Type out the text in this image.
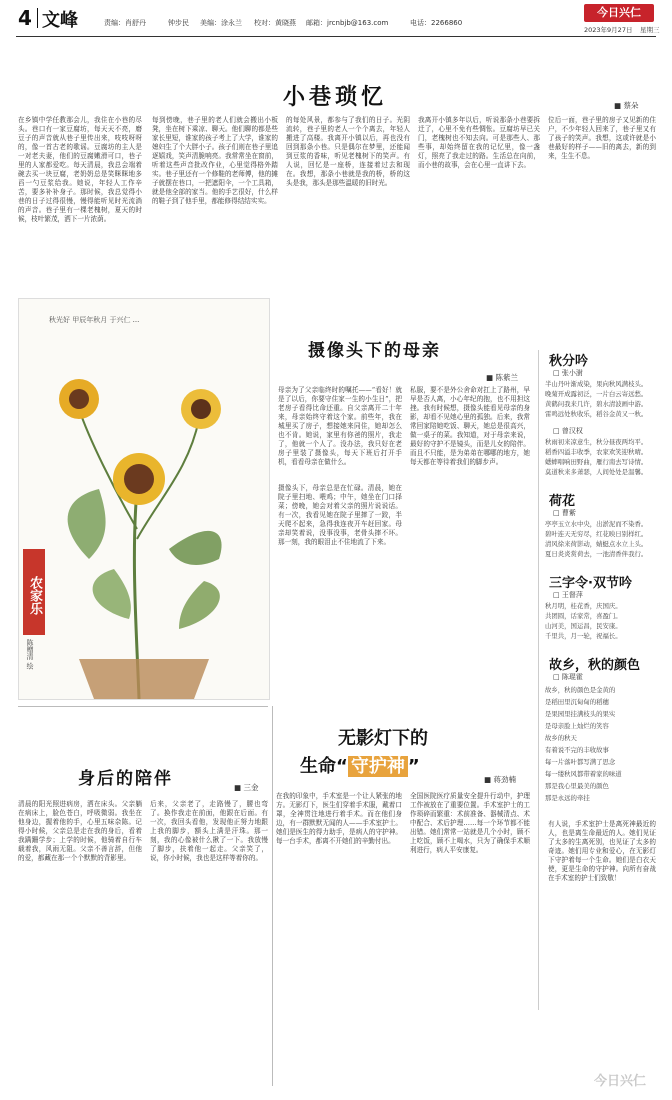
4 文峰	责编：肖舒丹	钟步民 美编：涂永兰 校对：黄晓燕 邮箱：jrcnbjb@163.com	电话：2266860
今日兴仁
2023年9月27日 星期三
小巷琐忆	■ 蔡朵
在乡镇中学任教那会儿，我住在小巷的尽头。巷口有一家豆腐坊，每天天不亮，磨豆子的声音就从巷子里传出来，吱吱呀呀的，像一首古老的歌谣。豆腐坊的主人是一对老夫妻，他们的豆腐嫩滑可口，巷子里的人家都爱吃。每天清晨，我总会端着碗去买一块豆腐，老奶奶总是笑眯眯地多舀一勺豆浆给我。她说，年轻人工作辛苦，要多补补身子。那时候，我总觉得小巷的日子过得很慢，慢得能听见时光流淌的声音。巷子里有一棵老槐树，夏天的时候，枝叶繁茂，洒下一片浓荫。
每到傍晚，巷子里的老人们就会搬出小板凳，坐在树下乘凉、聊天。他们聊的都是些家长里短，谁家的孩子考上了大学，谁家的媳妇生了个大胖小子。孩子们则在巷子里追逐嬉戏，笑声清脆响亮。我常常坐在窗前，听着这些声音批改作业，心里觉得格外踏实。巷子里还有一个修鞋的老师傅，他的摊子就摆在巷口，一把遮阳伞，一个工具箱，就是他全部的家当。他的手艺很好，什么样的鞋子到了他手里，都能修得结结实实。
的每处风景，都参与了我们的日子。光阴流转，巷子里的老人一个个离去，年轻人搬进了高楼。我离开小镇以后，再也没有回到那条小巷。只是偶尔在梦里，还能闻到豆浆的香味，听见老槐树下的笑声。有人说，回忆是一座桥，连接着过去和现在。我想，那条小巷就是我的桥，桥的这头是我，那头是那些温暖的旧时光。
我离开小镇多年以后，听说那条小巷要拆迁了，心里不免有些惆怅。豆腐坊早已关门，老槐树也不知去向。可是那些人、那些事，却始终留在我的记忆里，像一盏灯，照亮了我走过的路。生活总在向前，而小巷的故事，会在心里一直讲下去。
位后一面，巷子里的房子又见新的住户，不少年轻人回来了，巷子里又有了孩子的笑声。我想，这或许就是小巷最好的样子——旧的离去，新的到来，生生不息。
秋光好 甲辰年秋月 于兴仁 ...
农家乐
陈赠清 绘
摄像头下的母亲
■ 陈紫兰
母亲为了父亲临终时的嘱托——“看好！就是了以后，你要守住家一生的小生日”，把老房子看得比命还重。自父亲离开二十年来，母亲始终守着这个家。前些年，我在城里买了房子，想接她来同住，她却怎么也不肯。她说，家里有你爸的照片，我走了，他就一个人了。没办法，我只好在老房子里装了摄像头，每天下班后打开手机，看看母亲在做什么。
摄像头下，母亲总是在忙碌。清晨，她在院子里扫地、喂鸡；中午，她坐在门口择菜；傍晚，她会对着父亲的照片说说话。有一次，我看见她在院子里摔了一跤，半天爬不起来，急得我连夜开车赶回家。母亲却笑着说，没事没事，老骨头摔不坏。那一刻，我的眼泪止不住地流了下来。
私服，要不是外公舍命对扛上了路州，早早是否人离，小心年纪的抱，也不用担这挫。我有时候想，摄像头能看见母亲的身影，却看不见她心里的孤独。后来，我常常回家陪她吃饭、聊天，她总是很高兴，做一桌子的菜。我知道，对于母亲来说，最好的守护不是镜头，而是儿女的陪伴。而且不只能，是为弟弟在哪哪的地方，她每天都在等待着我们的脚步声。
秋分吟
□ 张小澍
半山丹叶渐成染，果向秋风满枝头。
晚菊开成露初泛，一片白云寄远愁。
黄鹤问我来几许，碧水清波画中游。
雷鸣远处秋收乐，稻谷金黄又一秋。
□ 曾汉权
秋雨初来凉意生，秋分昼夜两均平。
稻香四溢丰收季，农家欢笑迎秋晴。
蟋蟀唱响田野曲，雁行南去写诗情。
莫道秋来多萧瑟，人间处处是温馨。
荷花
□ 曹紫
亭亭玉立水中央，出淤泥而不染香。
碧叶连天无穷尽，红花映日别样红。
清风徐来荷影动，蜻蜓点水立上头。
夏日炎炎赏荷去，一池清香伴我行。
三字令·双节吟
□ 王督萍
秋月明，桂花香，庆国庆。
共团圆，话家常，喜盈门。
山河美，国运昌，民安康。
千里共，月一轮，祝福长。
故乡，秋的颜色
□ 陈琨霍
故乡，秋的颜色是金黄的
是稻田里沉甸甸的稻穗
是果园里挂满枝头的果实
是母亲脸上灿烂的笑容
故乡的秋天
有着说不完的丰收故事
每一片落叶都写满了思念
每一缕秋风都带着家的味道
那是我心里最美的颜色
那是永远的牵挂
无影灯下的
生命“ 守护神 ”
■ 蒋劲楠
在我的印象中，手术室是一个让人紧张的地方。无影灯下，医生们穿着手术服，戴着口罩，全神贯注地进行着手术。而在他们身边，有一群默默无闻的人——手术室护士。她们是医生的得力助手，是病人的守护神。每一台手术，都离不开她们的辛勤付出。
全国医院医疗质量安全提升行动中，护理工作被放在了重要位置。手术室护士的工作琐碎而繁重：术前准备、器械清点、术中配合、术后护理……每一个环节都不能出错。她们常常一站就是几个小时，顾不上吃饭，顾不上喝水，只为了确保手术顺利进行，病人平安康复。
有人说，手术室护士是离死神最近的人，也是离生命最近的人。她们见证了太多的生离死别，也见证了太多的奇迹。她们用专业和爱心，在无影灯下守护着每一个生命。她们是白衣天使，更是生命的守护神。向所有奋战在手术室的护士们致敬！
身后的陪伴	■ 三金
清晨的阳光照进病房，洒在床头。父亲躺在病床上，脸色苍白，呼吸微弱。我坐在他身边，握着他的手，心里五味杂陈。记得小时候，父亲总是走在我的身后，看着我蹒跚学步；上学的时候，他骑着自行车载着我，风雨无阻。父亲不善言辞，但他的爱，都藏在那一个个默默的背影里。
后来，父亲老了，走路慢了，腰也弯了。换作我走在前面，他跟在后面。有一次，我回头看他，发现他正努力地跟上我的脚步，额头上满是汗珠。那一刻，我的心像被什么揪了一下。我放慢了脚步，扶着他一起走。父亲笑了，说，你小时候，我也是这样等着你的。
今日兴仁
